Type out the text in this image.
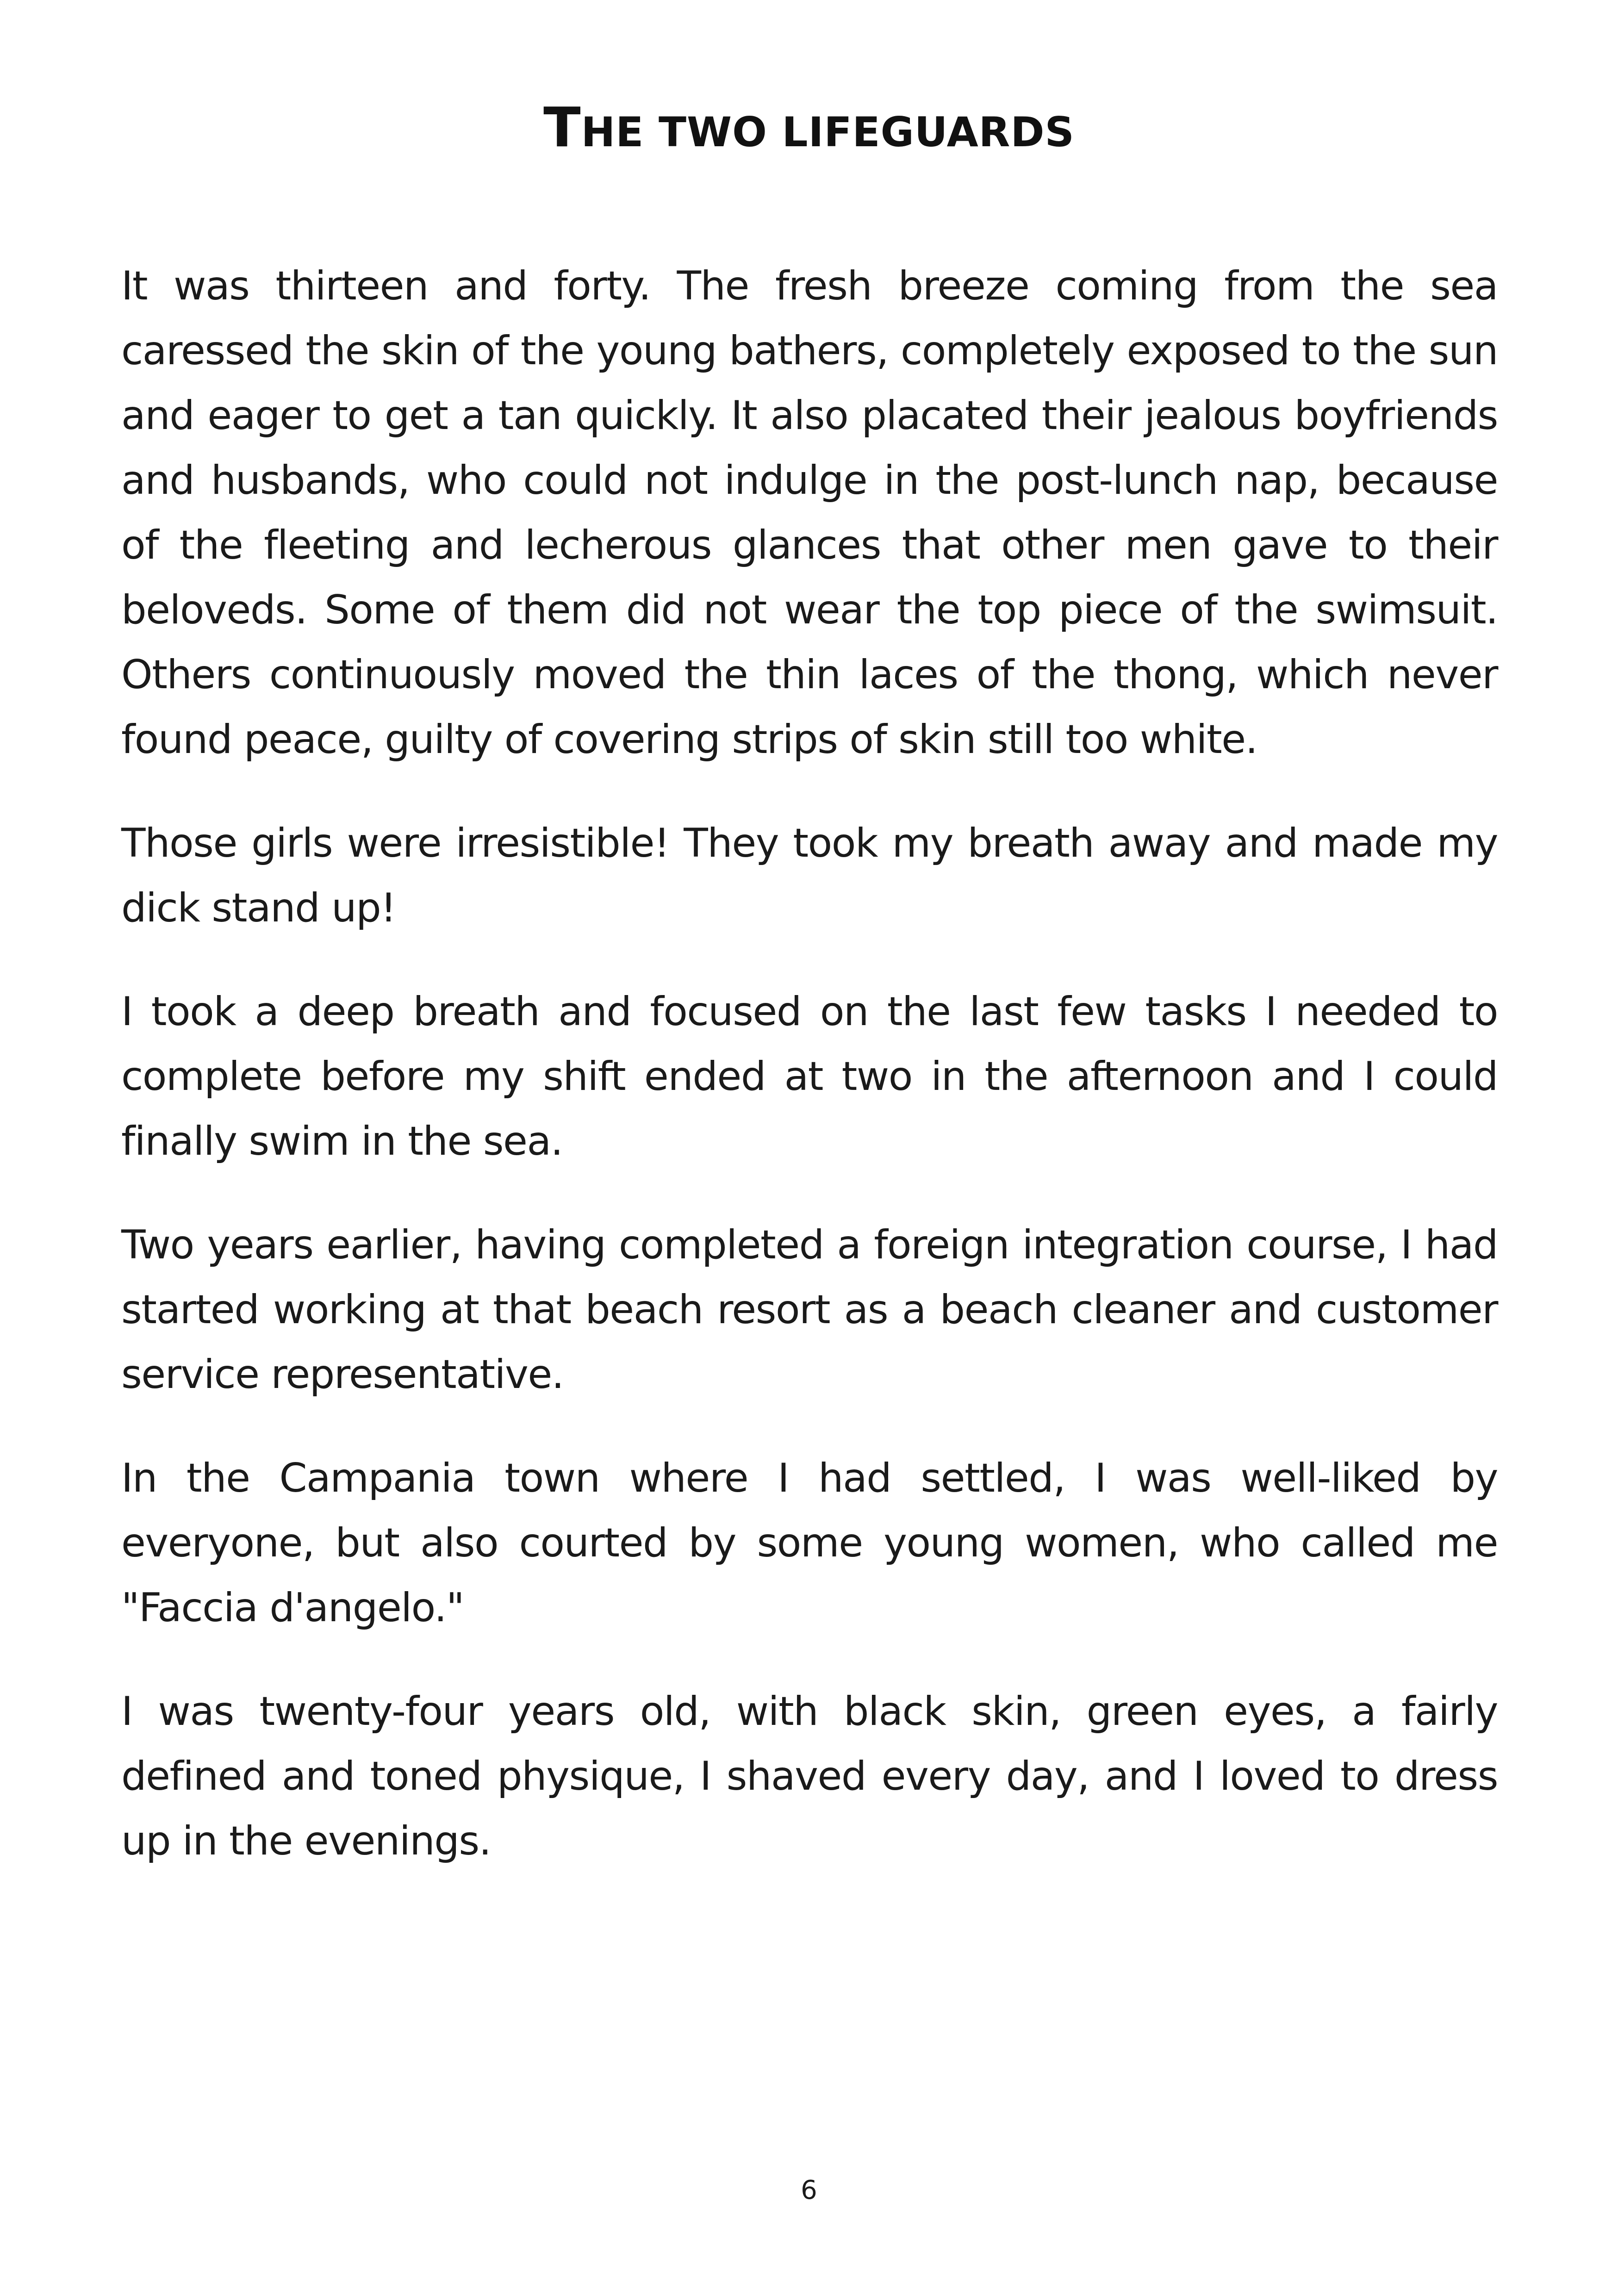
THE TWO LIFEGUARDS

It was thirteen and forty. The fresh breeze coming from the sea caressed the skin of the young bathers, completely exposed to the sun and eager to get a tan quickly. It also placated their jealous boyfriends and husbands, who could not indulge in the post-lunch nap, because of the fleeting and lecherous glances that other men gave to their beloveds. Some of them did not wear the top piece of the swimsuit. Others continuously moved the thin laces of the thong, which never found peace, guilty of covering strips of skin still too white.

Those girls were irresistible! They took my breath away and made my dick stand up!

I took a deep breath and focused on the last few tasks I needed to complete before my shift ended at two in the afternoon and I could finally swim in the sea.

Two years earlier, having completed a foreign integration course, I had started working at that beach resort as a beach cleaner and customer service representative.

In the Campania town where I had settled, I was well-liked by everyone, but also courted by some young women, who called me "Faccia d'angelo."

I was twenty-four years old, with black skin, green eyes, a fairly defined and toned physique, I shaved every day, and I loved to dress up in the evenings.

6
